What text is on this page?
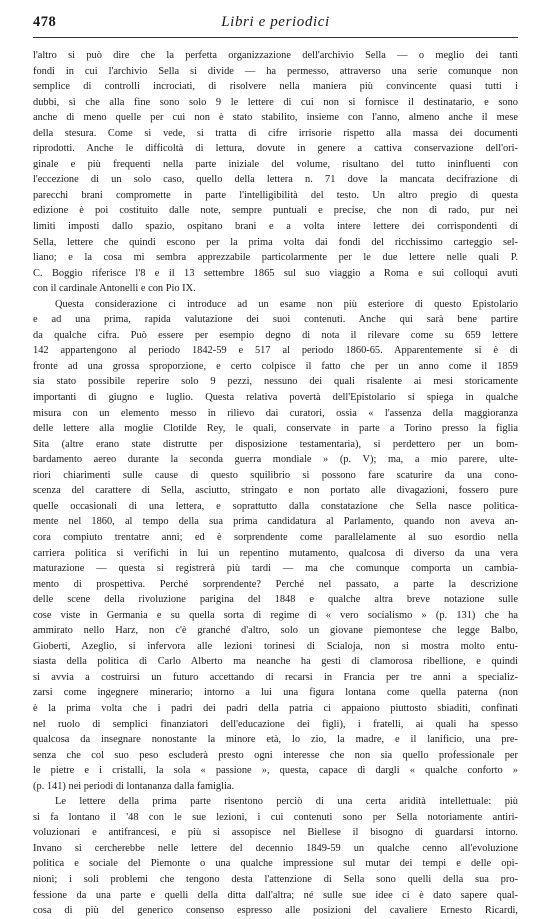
478	Libri e periodici

l'altro si può dire che la perfetta organizzazione dell'archivio Sella — o meglio dei tanti
fondi in cui l'archivio Sella si divide — ha permesso, attraverso una serie comunque non
semplice di controlli incrociati, di risolvere nella maniera più convincente quasi tutti i
dubbi, sì che alla fine sono solo 9 le lettere di cui non si fornisce il destinatario, e sono
anche di meno quelle per cui non è stato stabilito, insieme con l'anno, almeno anche il mese
della stesura. Come si vede, si tratta di cifre irrisorie rispetto alla massa dei documenti
riprodotti. Anche le difficoltà di lettura, dovute in genere a cattiva conservazione dell'ori-
ginale e più frequenti nella parte iniziale del volume, risultano del tutto ininfluenti con
l'eccezione di un solo caso, quello della lettera n. 71 dove la mancata decifrazione di
parecchi brani compromette in parte l'intelligibilità del testo. Un altro pregio di questa
edizione è poi costituito dalle note, sempre puntuali e precise, che non di rado, pur nei
limiti imposti dallo spazio, ospitano brani e a volta intere lettere dei corrispondenti di
Sella, lettere che quindi escono per la prima volta dai fondi del ricchissimo carteggio sel-
liano; e la cosa mi sembra apprezzabile particolarmente per le due lettere nelle quali P.
C. Boggio riferisce l'8 e il 13 settembre 1865 sul suo viaggio a Roma e sui colloqui avuti
con il cardinale Antonelli e con Pio IX.

Questa considerazione ci introduce ad un esame non più esteriore di questo Epistolario
e ad una prima, rapida valutazione dei suoi contenuti. Anche qui sarà bene partire
da qualche cifra. Può essere per esempio degno di nota il rilevare come su 659 lettere
142 appartengono al periodo 1842-59 e 517 al periodo 1860-65. Apparentemente si è di
fronte ad una grossa sproporzione, e certo colpisce il fatto che per un anno come il 1859
sia stato possibile reperire solo 9 pezzi, nessuno dei quali risalente ai mesi storicamente
importanti di giugno e luglio. Questa relativa povertà dell'Epistolario si spiega in qualche
misura con un elemento messo in rilievo dai curatori, ossia « l'assenza della maggioranza
delle lettere alla moglie Clotilde Rey, le quali, conservate in parte a Torino presso la figlia
Sita (altre erano state distrutte per disposizione testamentaria), si perdettero per un bom-
bardamento aereo durante la seconda guerra mondiale » (p. V); ma, a mio parere, ulte-
riori chiarimenti sulle cause di questo squilibrio si possono fare scaturire da una cono-
scenza del carattere di Sella, asciutto, stringato e non portato alle divagazioni, fossero pure
quelle occasionali di una lettera, e soprattutto dalla constatazione che Sella nasce politica-
mente nel 1860, al tempo della sua prima candidatura al Parlamento, quando non aveva an-
cora compiuto trentatre anni; ed è sorprendente come parallelamente al suo esordio nella
carriera politica si verifichi in lui un repentino mutamento, qualcosa di diverso da una vera
maturazione — questa si registrerà più tardi — ma che comunque comporta un cambia-
mento di prospettiva. Perché sorprendente? Perché nel passato, a parte la descrizione
delle scene della rivoluzione parigina del 1848 e qualche altra breve notazione sulle
cose viste in Germania e su quella sorta di regime di « vero socialismo » (p. 131) che ha
ammirato nello Harz, non c'è granché d'altro, solo un giovane piemontese che legge Balbo,
Gioberti, Azeglio, si infervora alle lezioni torinesi di Scialoja, non si mostra molto entu-
siasta della politica di Carlo Alberto ma neanche ha gesti di clamorosa ribellione, e quindi
si avvia a costruirsi un futuro accettando di recarsi in Francia per tre anni a specializ-
zarsi come ingegnere minerario; intorno a lui una figura lontana come quella paterna (non
è la prima volta che i padri dei padri della patria ci appaiono piuttosto sbiaditi, confinati
nel ruolo di semplici finanziatori dell'educazione dei figli), i fratelli, ai quali ha spesso
qualcosa da insegnare nonostante la minore età, lo zio, la madre, e il lanificio, una pre-
senza che col suo peso escluderà presto ogni interesse che non sia quello professionale per
le pietre e i cristalli, la sola « passione », questa, capace di dargli « qualche conforto »
(p. 141) nei periodi di lontananza dalla famiglia.

Le lettere della prima parte risentono perciò di una certa aridità intellettuale: più
si fa lontano il '48 con le sue lezioni, i cui contenuti sono per Sella notoriamente antiri-
voluzionari e antifrancesi, e più si assopisce nel Biellese il bisogno di guardarsi intorno.
Invano si cercherebbe nelle lettere del decennio 1849-59 un qualche cenno all'evoluzione
politica e sociale del Piemonte o una qualche impressione sul mutar dei tempi e delle opi-
nioni; i soli problemi che tengono desta l'attenzione di Sella sono quelli della sua pro-
fessione da una parte e quelli della ditta dall'altra; né sulle sue idee ci è dato sapere qual-
cosa di più del generico consenso espresso alle posizioni del cavaliere Ernesto Ricardi,
